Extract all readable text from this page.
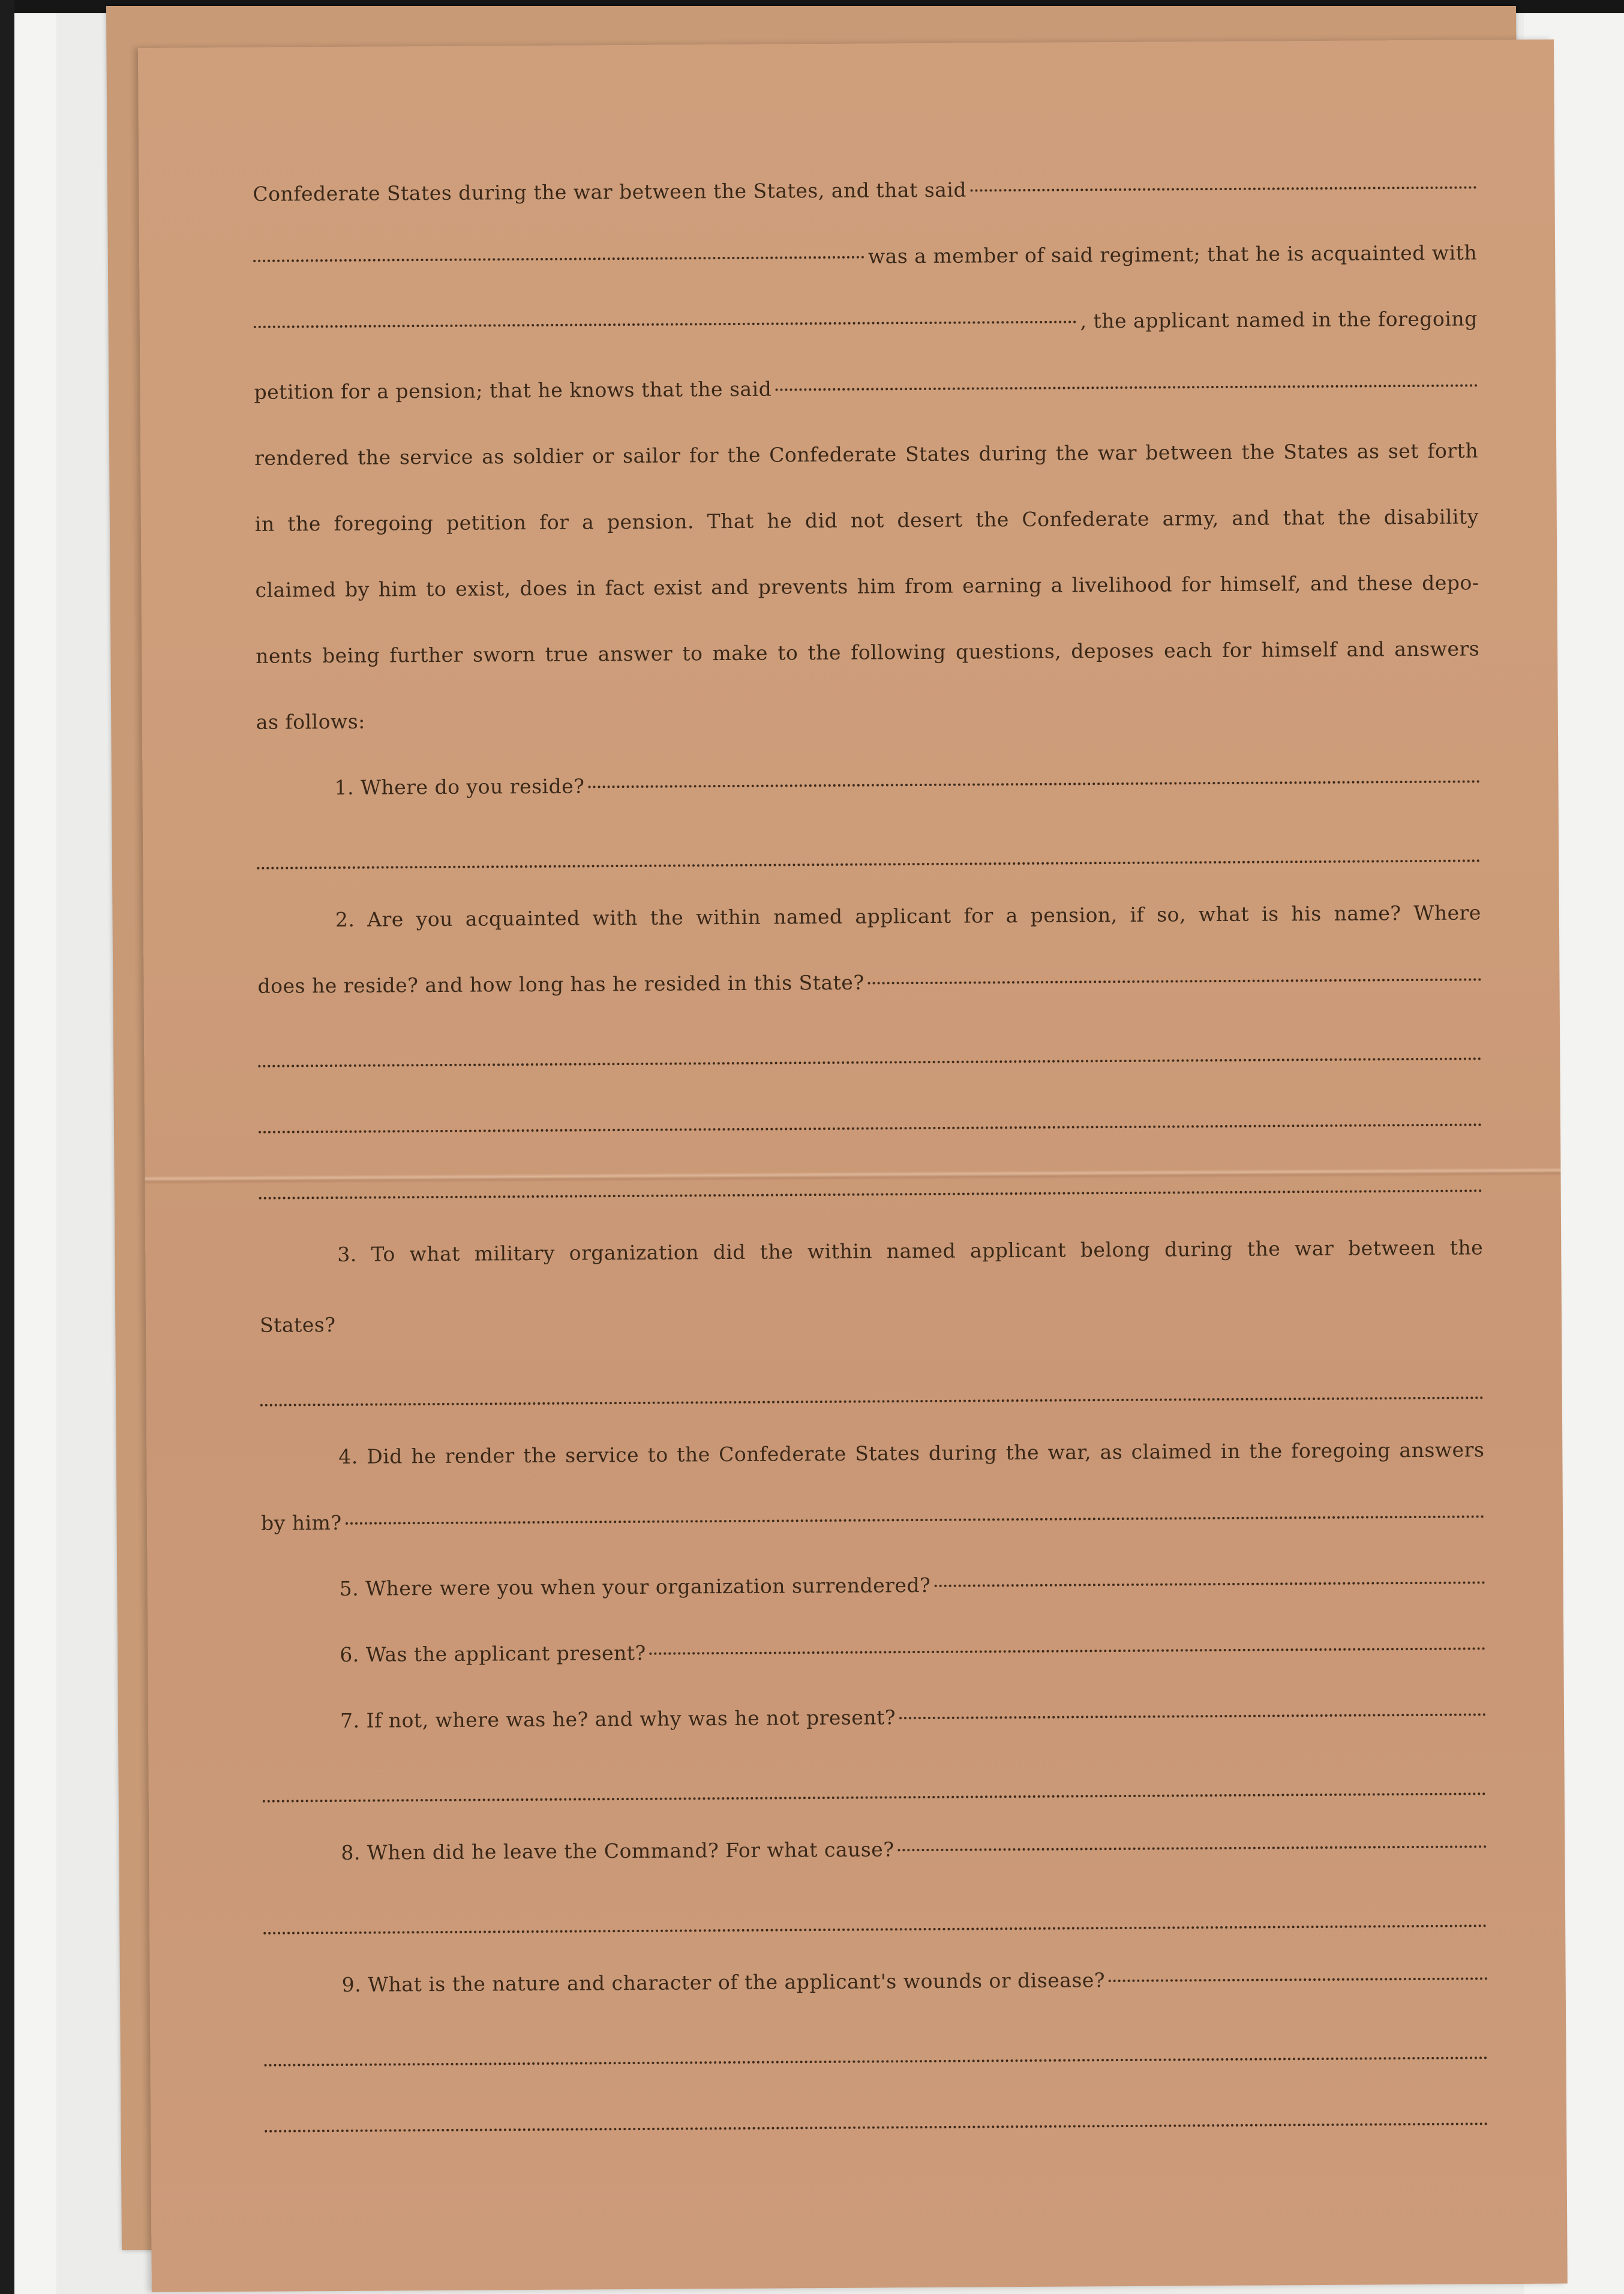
Confederate States during the war between the States, and that said
was a member of said regiment; that he is acquainted with
, the applicant named in the foregoing
petition for a pension; that he knows that the said
rendered the service as soldier or sailor for the Confederate States during the war between the States as set forth
in the foregoing petition for a pension. That he did not desert the Confederate army, and that the disability
claimed by him to exist, does in fact exist and prevents him from earning a livelihood for himself, and these depo-
nents being further sworn true answer to make to the following questions, deposes each for himself and answers
as follows:
1. Where do you reside?
2. Are you acquainted with the within named applicant for a pension, if so, what is his name? Where
does he reside? and how long has he resided in this State?
3. To what military organization did the within named applicant belong during the war between the
States?
4. Did he render the service to the Confederate States during the war, as claimed in the foregoing answers
by him?
5. Where were you when your organization surrendered?
6. Was the applicant present?
7. If not, where was he? and why was he not present?
8. When did he leave the Command? For what cause?
9. What is the nature and character of the applicant's wounds or disease?
